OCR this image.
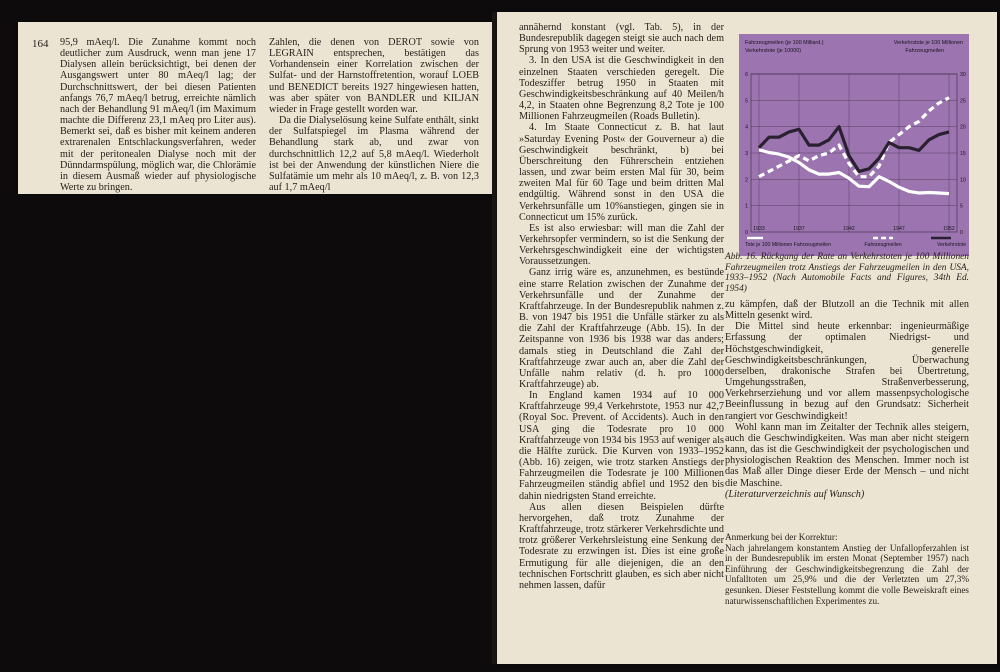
164 95,9 mAeq/l. Die Zunahme kommt noch deutlicher zum Ausdruck, wenn man jene 17 Dialysen allein berücksichtigt, bei denen der Ausgangswert unter 80 mAeq/l lag; der Durchschnittswert, der bei diesen Patienten anfangs 76,7 mAeq/l betrug, erreichte nämlich nach der Behandlung 91 mAeq/l (im Maximum machte die Differenz 23,1 mAeq pro Liter aus). Bemerkt sei, daß es bisher mit keinem anderen extrarenalen Entschlackungsverfahren, weder mit der peritonealen Dialyse noch mit der Dünndarmspülung, möglich war, die Chlorämie in diesem Ausmaß wieder auf physiologische Werte zu bringen.

Zahlen, die denen von DEROT sowie von LEGRAIN entsprechen, bestätigen das Vorhandensein einer Korrelation zwischen der Sulfat- und der Harnstoffretention, worauf LOEB und BENEDICT bereits 1927 hingewiesen hatten, was aber später von BANDLER und KILJAN wieder in Frage gestellt worden war.

Da die Dialyselösung keine Sulfate enthält, sinkt der Sulfatspiegel im Plasma während der Behandlung stark ab, und zwar von durchschnittlich 12,2 auf 5,8 mAeq/l. Wiederholt ist bei der Anwendung der künstlichen Niere die Sulfatämie um mehr als 10 mAeq/l, z. B. von 12,3 auf 1,7 mAeq/l

annähernd konstant (vgl. Tab. 5), in der Bundesrepublik dagegen steigt sie auch nach dem Sprung von 1953 weiter und weiter.

3. In den USA ist die Geschwindigkeit in den einzelnen Staaten verschieden geregelt. Die Todesziffer betrug 1950 in Staaten mit Geschwindigkeitsbeschränkung auf 40 Meilen/h 4,2, in Staaten ohne Begrenzung 8,2 Tote je 100 Millionen Fahrzeugmeilen (Roads Bulletin).

4. Im Staate Connecticut z. B. hat laut »Saturday Evening Post« der Gouverneur a) die Geschwindigkeit beschränkt, b) bei Überschreitung den Führerschein entziehen lassen, und zwar beim ersten Mal für 30, beim zweiten Mal für 60 Tage und beim dritten Mal endgültig. Während sonst in den USA die Verkehrsunfälle um 10%anstiegen, gingen sie in Connecticut um 15% zurück.

Es ist also erwiesbar: will man die Zahl der Verkehrsopfer vermindern, so ist die Senkung der Verkehrsgeschwindigkeit eine der wichtigsten Voraussetzungen.

Ganz irrig wäre es, anzunehmen, es bestünde eine starre Relation zwischen der Zunahme der Verkehrsunfälle und der Zunahme der Kraftfahrzeuge. In der Bundesrepublik nahmen z. B. von 1947 bis 1951 die Unfälle stärker zu als die Zahl der Kraftfahrzeuge (Abb. 15). In der Zeitspanne von 1936 bis 1938 war das anders; damals stieg in Deutschland die Zahl der Kraftfahrzeuge zwar auch an, aber die Zahl der Unfälle nahm relativ (d. h. pro 1000 Kraftfahrzeuge) ab.

In England kamen 1934 auf 10 000 Kraftfahrzeuge 99,4 Verkehrstote, 1953 nur 42,7 (Royal Soc. Prevent. of Accidents). Auch in den USA ging die Todesrate pro 10 000 Kraftfahrzeuge von 1934 bis 1953 auf weniger als die Hälfte zurück. Die Kurven von 1933–1952 (Abb. 16) zeigen, wie trotz starken Anstiegs der Fahrzeugmeilen die Todesrate je 100 Millionen Fahrzeugmeilen ständig abfiel und 1952 den bis dahin niedrigsten Stand erreichte.

Aus allen diesen Beispielen dürfte hervorgehen, daß trotz Zunahme der Kraftfahrzeuge, trotz stärkerer Verkehrsdichte und trotz größerer Verkehrsleistung eine Senkung der Todesrate zu erzwingen ist. Dies ist eine große Ermutigung für alle diejenigen, die an den technischen Fortschritt glauben, es sich aber nicht nehmen lassen, dafür

Fahrzeugmeilen (je 100 Milliard.)
Verkehrstote (je 10000)
Verkehrstote je 100 Millionen
Fahrzeugmeilen
0
1
2
3
4
5
6
0
5
10
15
20
25
30
1933	1937	1942	1947	1952
Tote je 100 Millionen Fahrzeugmeilen	Fahrzeugmeilen	Verkehrstote
Abb. 16. Rückgang der Rate an Verkehrstoten je 100 Millionen Fahrzeugmeilen trotz Anstiegs der Fahrzeugmeilen in den USA, 1933–1952 (Nach Automobile Facts and Figures, 34th Ed. 1954)

zu kämpfen, daß der Blutzoll an die Technik mit allen Mitteln gesenkt wird.

Die Mittel sind heute erkennbar: ingenieurmäßige Erfassung der optimalen Niedrigst- und Höchstgeschwindigkeit, generelle Geschwindigkeitsbeschränkungen, Überwachung derselben, drakonische Strafen bei Übertretung, Umgehungsstraßen, Straßenverbesserung, Verkehrserziehung und vor allem massenpsychologische Beeinflussung in bezug auf den Grundsatz: Sicherheit rangiert vor Geschwindigkeit!

Wohl kann man im Zeitalter der Technik alles steigern, auch die Geschwindigkeiten. Was man aber nicht steigern kann, das ist die Geschwindigkeit der psychologischen und physiologischen Reaktion des Menschen. Immer noch ist das Maß aller Dinge dieser Erde der Mensch – und nicht die Maschine.

(Literaturverzeichnis auf Wunsch)

Anmerkung bei der Korrektur:

Nach jahrelangem konstantem Anstieg der Unfallopferzahlen ist in der Bundesrepublik im ersten Monat (September 1957) nach Einführung der Geschwindigkeitsbegrenzung die Zahl der Unfalltoten um 25,9% und die der Verletzten um 27,3% gesunken. Dieser Feststellung kommt die volle Beweiskraft eines naturwissenschaftlichen Experimentes zu.
